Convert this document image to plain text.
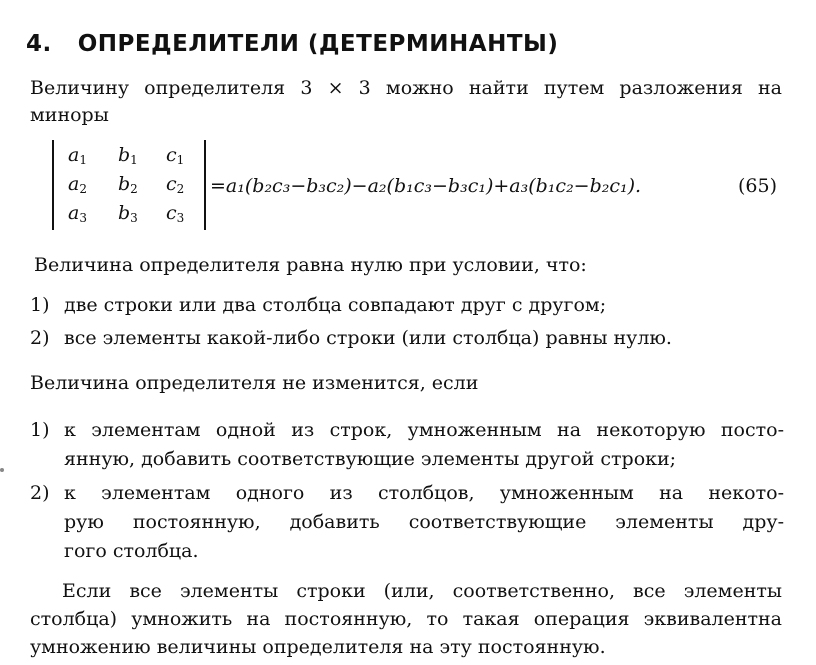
4. ОПРЕДЕЛИТЕЛИ (ДЕТЕРМИНАНТЫ)
Величину определителя 3 × 3 можно найти путем разложения на
миноры
$a_1$ $b_1$ $c_1$
$a_2$ $b_2$ $c_2$
$a_3$ $b_3$ $c_3$
=a₁(b₂c₃−b₃c₂)−a₂(b₁c₃−b₃c₁)+a₃(b₁c₂−b₂c₁).	(65)
Величина определителя равна нулю при условии, что:
1) две строки или два столбца совпадают друг с другом;
2) все элементы какой-либо строки (или столбца) равны нулю.
Величина определителя не изменится, если
1) к элементам одной из строк, умноженным на некоторую посто-
янную, добавить соответствующие элементы другой строки;
2) к элементам одного из столбцов, умноженным на некото-
рую постоянную, добавить соответствующие элементы дру-
гого столбца.
Если все элементы строки (или, соответственно, все элементы
столбца) умножить на постоянную, то такая операция эквивалентна
умножению величины определителя на эту постоянную.
